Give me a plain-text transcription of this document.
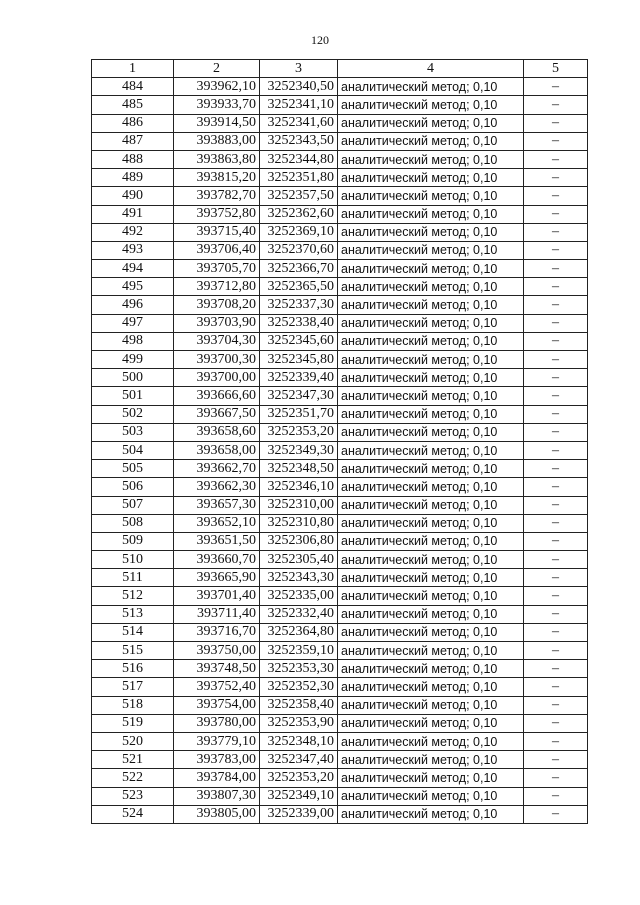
120
1	2	3	4	5
484	393962,10	3252340,50	аналитический метод; 0,10	–
485	393933,70	3252341,10	аналитический метод; 0,10	–
486	393914,50	3252341,60	аналитический метод; 0,10	–
487	393883,00	3252343,50	аналитический метод; 0,10	–
488	393863,80	3252344,80	аналитический метод; 0,10	–
489	393815,20	3252351,80	аналитический метод; 0,10	–
490	393782,70	3252357,50	аналитический метод; 0,10	–
491	393752,80	3252362,60	аналитический метод; 0,10	–
492	393715,40	3252369,10	аналитический метод; 0,10	–
493	393706,40	3252370,60	аналитический метод; 0,10	–
494	393705,70	3252366,70	аналитический метод; 0,10	–
495	393712,80	3252365,50	аналитический метод; 0,10	–
496	393708,20	3252337,30	аналитический метод; 0,10	–
497	393703,90	3252338,40	аналитический метод; 0,10	–
498	393704,30	3252345,60	аналитический метод; 0,10	–
499	393700,30	3252345,80	аналитический метод; 0,10	–
500	393700,00	3252339,40	аналитический метод; 0,10	–
501	393666,60	3252347,30	аналитический метод; 0,10	–
502	393667,50	3252351,70	аналитический метод; 0,10	–
503	393658,60	3252353,20	аналитический метод; 0,10	–
504	393658,00	3252349,30	аналитический метод; 0,10	–
505	393662,70	3252348,50	аналитический метод; 0,10	–
506	393662,30	3252346,10	аналитический метод; 0,10	–
507	393657,30	3252310,00	аналитический метод; 0,10	–
508	393652,10	3252310,80	аналитический метод; 0,10	–
509	393651,50	3252306,80	аналитический метод; 0,10	–
510	393660,70	3252305,40	аналитический метод; 0,10	–
511	393665,90	3252343,30	аналитический метод; 0,10	–
512	393701,40	3252335,00	аналитический метод; 0,10	–
513	393711,40	3252332,40	аналитический метод; 0,10	–
514	393716,70	3252364,80	аналитический метод; 0,10	–
515	393750,00	3252359,10	аналитический метод; 0,10	–
516	393748,50	3252353,30	аналитический метод; 0,10	–
517	393752,40	3252352,30	аналитический метод; 0,10	–
518	393754,00	3252358,40	аналитический метод; 0,10	–
519	393780,00	3252353,90	аналитический метод; 0,10	–
520	393779,10	3252348,10	аналитический метод; 0,10	–
521	393783,00	3252347,40	аналитический метод; 0,10	–
522	393784,00	3252353,20	аналитический метод; 0,10	–
523	393807,30	3252349,10	аналитический метод; 0,10	–
524	393805,00	3252339,00	аналитический метод; 0,10	–
